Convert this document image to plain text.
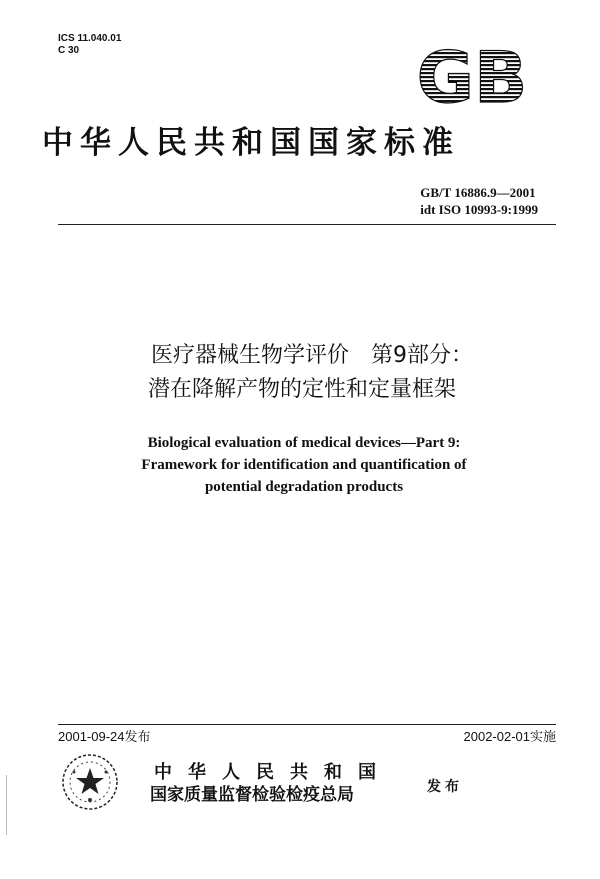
ICS 11.040.01
C 30	GB
中华人民共和国国家标准
GB/T 16886.9—2001
idt ISO 10993-9:1999
医疗器械生物学评价　第9部分：
潜在降解产物的定性和定量框架
Biological evaluation of medical devices—Part 9:
Framework for identification and quantification of
potential degradation products
2001-09-24发布	2002-02-01实施
中华人民共和国
国家质量监督检验检疫总局	发布
